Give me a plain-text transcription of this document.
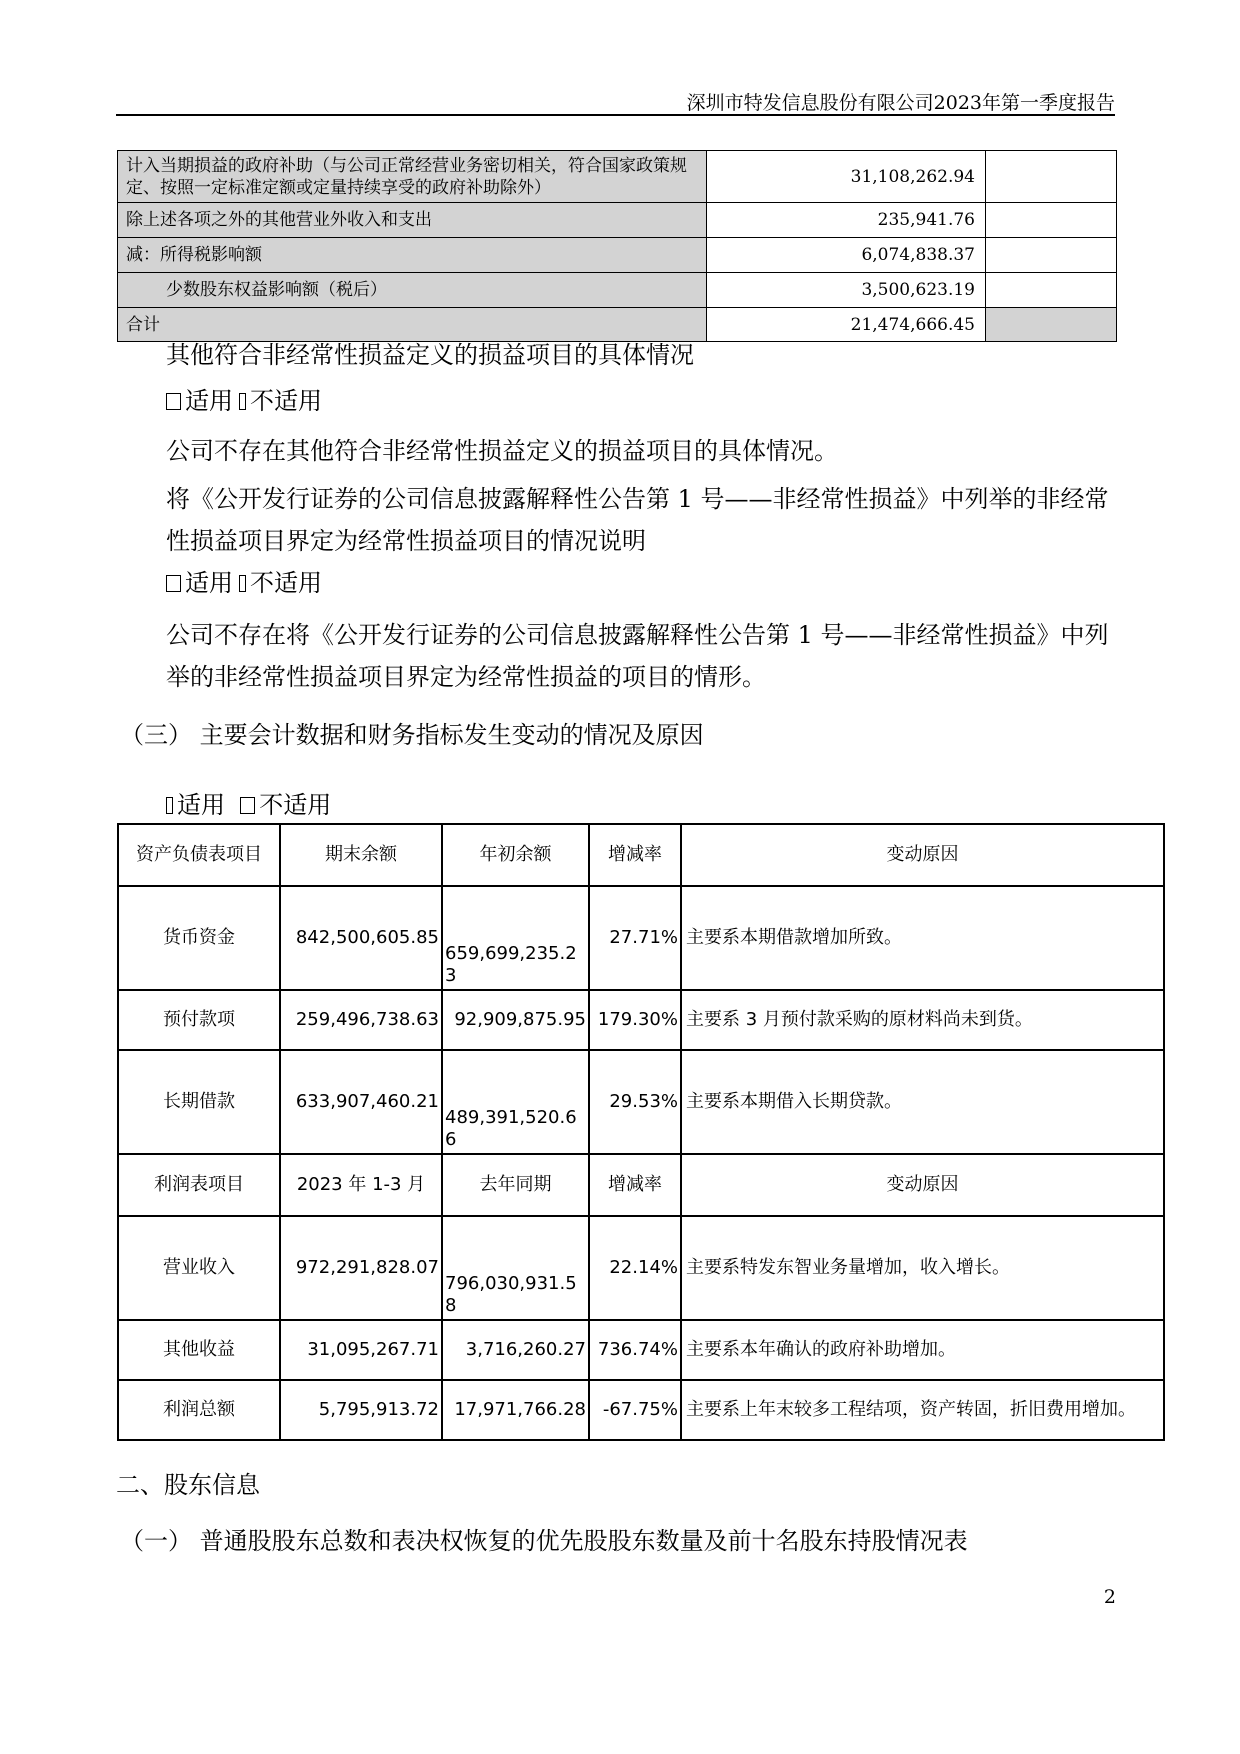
深圳市特发信息股份有限公司2023年第一季度报告
计入当期损益的政府补助（与公司正常经营业务密切相关，符合国家政策规定、按照一定标准定额或定量持续享受的政府补助除外）	31,108,262.94	
除上述各项之外的其他营业外收入和支出	235,941.76	
减：所得税影响额	6,074,838.37	
少数股东权益影响额（税后）	3,500,623.19	
合计	21,474,666.45	
其他符合非经常性损益定义的损益项目的具体情况
适用 不适用
公司不存在其他符合非经常性损益定义的损益项目的具体情况。
将《公开发行证券的公司信息披露解释性公告第 1 号——非经常性损益》中列举的非经常性损益项目界定为经常性损益项目的情况说明
适用 不适用
公司不存在将《公开发行证券的公司信息披露解释性公告第 1 号——非经常性损益》中列举的非经常性损益项目界定为经常性损益的项目的情形。
（三） 主要会计数据和财务指标发生变动的情况及原因
适用 不适用
资产负债表项目	期末余额	年初余额	增减率	变动原因
货币资金	842,500,605.85	659,699,235.23	27.71%	主要系本期借款增加所致。
预付款项	259,496,738.63	92,909,875.95	179.30%	主要系 3 月预付款采购的原材料尚未到货。
长期借款	633,907,460.21	489,391,520.66	29.53%	主要系本期借入长期贷款。
利润表项目	2023 年 1-3 月	去年同期	增减率	变动原因
营业收入	972,291,828.07	796,030,931.58	22.14%	主要系特发东智业务量增加，收入增长。
其他收益	31,095,267.71	3,716,260.27	736.74%	主要系本年确认的政府补助增加。
利润总额	5,795,913.72	17,971,766.28	-67.75%	主要系上年末较多工程结项，资产转固，折旧费用增加。
二、股东信息
（一） 普通股股东总数和表决权恢复的优先股股东数量及前十名股东持股情况表
2
